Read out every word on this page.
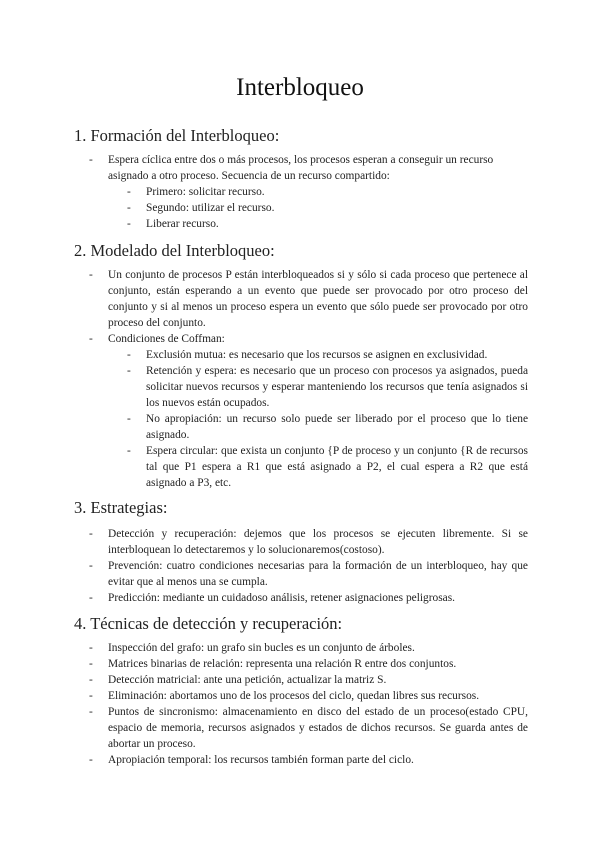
Interbloqueo
1. Formación del Interbloqueo:
- Espera cíclica entre dos o más procesos, los procesos esperan a conseguir un recurso asignado a otro proceso. Secuencia de un recurso compartido:
- Primero: solicitar recurso.
- Segundo: utilizar el recurso.
- Liberar recurso.
2. Modelado del Interbloqueo:
- Un conjunto de procesos P están interbloqueados si y sólo si cada proceso que pertenece al conjunto, están esperando a un evento que puede ser provocado por otro proceso del conjunto y si al menos un proceso espera un evento que sólo puede ser provocado por otro proceso del conjunto.
- Condiciones de Coffman:
- Exclusión mutua: es necesario que los recursos se asignen en exclusividad.
- Retención y espera: es necesario que un proceso con procesos ya asignados, pueda solicitar nuevos recursos y esperar manteniendo los recursos que tenía asignados si los nuevos están ocupados.
- No apropiación: un recurso solo puede ser liberado por el proceso que lo tiene asignado.
- Espera circular: que exista un conjunto {P de proceso y un conjunto {R de recursos tal que P1 espera a R1 que está asignado a P2, el cual espera a R2 que está asignado a P3, etc.
3. Estrategias:
- Detección y recuperación: dejemos que los procesos se ejecuten libremente. Si se interbloquean lo detectaremos y lo solucionaremos(costoso).
- Prevención: cuatro condiciones necesarias para la formación de un interbloqueo, hay que evitar que al menos una se cumpla.
- Predicción: mediante un cuidadoso análisis, retener asignaciones peligrosas.
4. Técnicas de detección y recuperación:
- Inspección del grafo: un grafo sin bucles es un conjunto de árboles.
- Matrices binarias de relación: representa una relación R entre dos conjuntos.
- Detección matricial: ante una petición, actualizar la matriz S.
- Eliminación: abortamos uno de los procesos del ciclo, quedan libres sus recursos.
- Puntos de sincronismo: almacenamiento en disco del estado de un proceso(estado CPU, espacio de memoria, recursos asignados y estados de dichos recursos. Se guarda antes de abortar un proceso.
- Apropiación temporal: los recursos también forman parte del ciclo.
